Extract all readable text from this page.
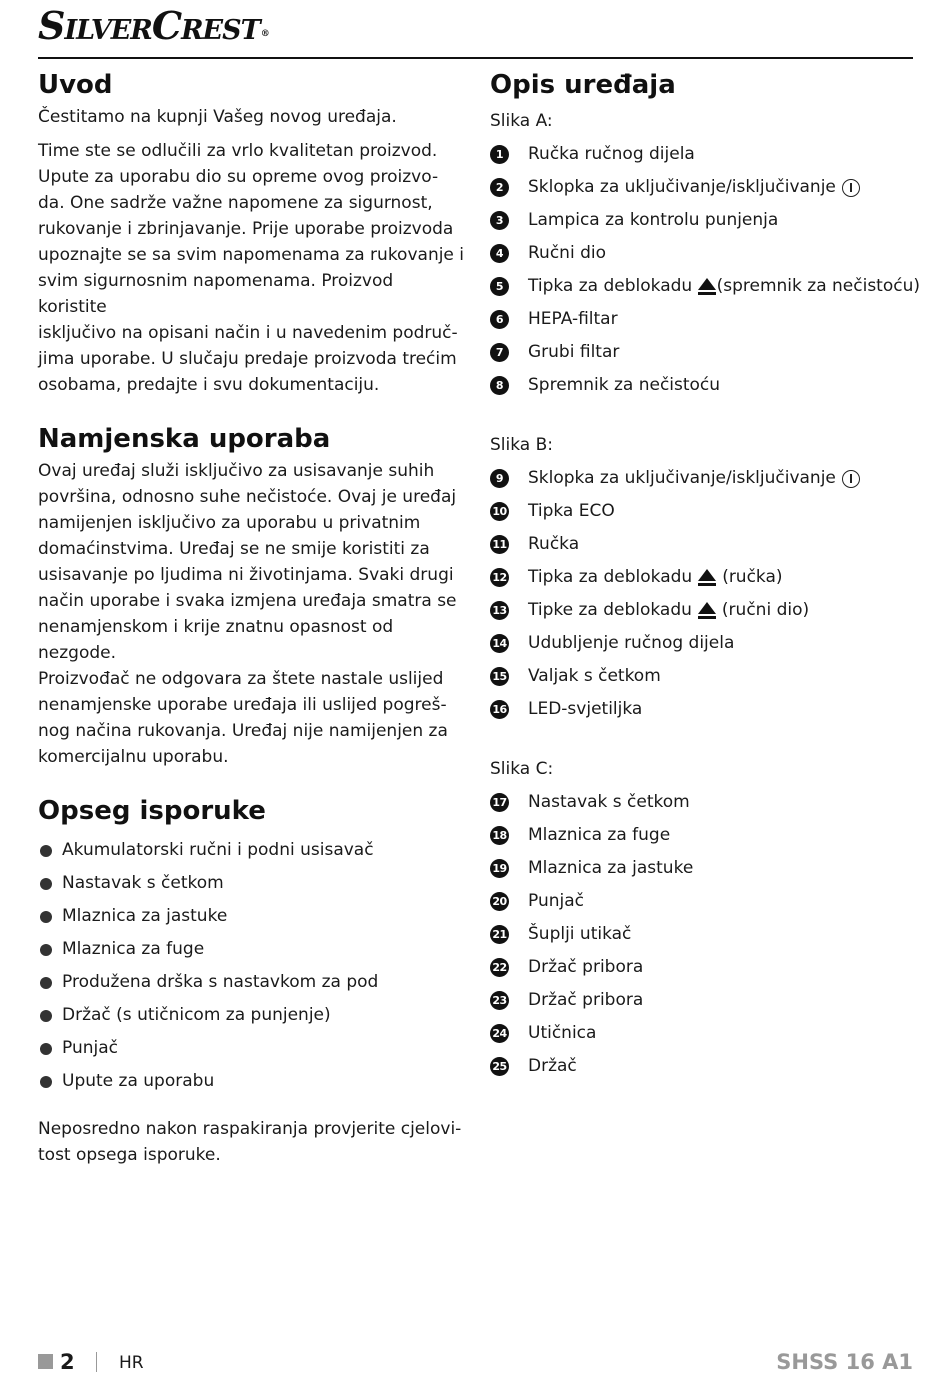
SilverCrest®
Uvod

Čestitamo na kupnji Vašeg novog uređaja.

Time ste se odlučili za vrlo kvalitetan proizvod.
Upute za uporabu dio su opreme ovog proizvo-
da. One sadrže važne napomene za sigurnost,
rukovanje i zbrinjavanje. Prije uporabe proizvoda
upoznajte se sa svim napomenama za rukovanje i
svim sigurnosnim napomenama. Proizvod koristite
isključivo na opisani način i u navedenim područ-
jima uporabe. U slučaju predaje proizvoda trećim
osobama, predajte i svu dokumentaciju.

Namjenska uporaba

Ovaj uređaj služi isključivo za usisavanje suhih
površina, odnosno suhe nečistoće. Ovaj je uređaj
namijenjen isključivo za uporabu u privatnim
domaćinstvima. Uređaj se ne smije koristiti za
usisavanje po ljudima ni životinjama. Svaki drugi
način uporabe i svaka izmjena uređaja smatra se
nenamjenskom i krije znatnu opasnost od nezgode.
Proizvođač ne odgovara za štete nastale uslijed
nenamjenske uporabe uređaja ili uslijed pogreš-
nog načina rukovanja. Uređaj nije namijenjen za
komercijalnu uporabu.

Opseg isporuke
Akumulatorski ručni i podni usisavač
Nastavak s četkom
Mlaznica za jastuke
Mlaznica za fuge
Produžena drška s nastavkom za pod
Držač (s utičnicom za punjenje)
Punjač
Upute za uporabu

Neposredno nakon raspakiranja provjerite cjelovi-
tost opsega isporuke.

Opis uređaja
Slika A:
1	Ručka ručnog dijela
2	Sklopka za uključivanje/isključivanje
3	Lampica za kontrolu punjenja
4	Ručni dio
5	Tipka za deblokadu (spremnik za nečistoću)
6	HEPA-filtar
7	Grubi filtar
8	Spremnik za nečistoću
Slika B:
9	Sklopka za uključivanje/isključivanje
10 Tipka ECO
11 Ručka
12 Tipka za deblokadu (ručka)
13 Tipke za deblokadu (ručni dio)
14 Udubljenje ručnog dijela
15 Valjak s četkom
16 LED-svjetiljka
Slika C:
17 Nastavak s četkom
18 Mlaznica za fuge
19 Mlaznica za jastuke
20 Punjač
21 Šuplji utikač
22 Držač pribora
23 Držač pribora
24 Utičnica
25 Držač
2	HR	SHSS 16 A1
